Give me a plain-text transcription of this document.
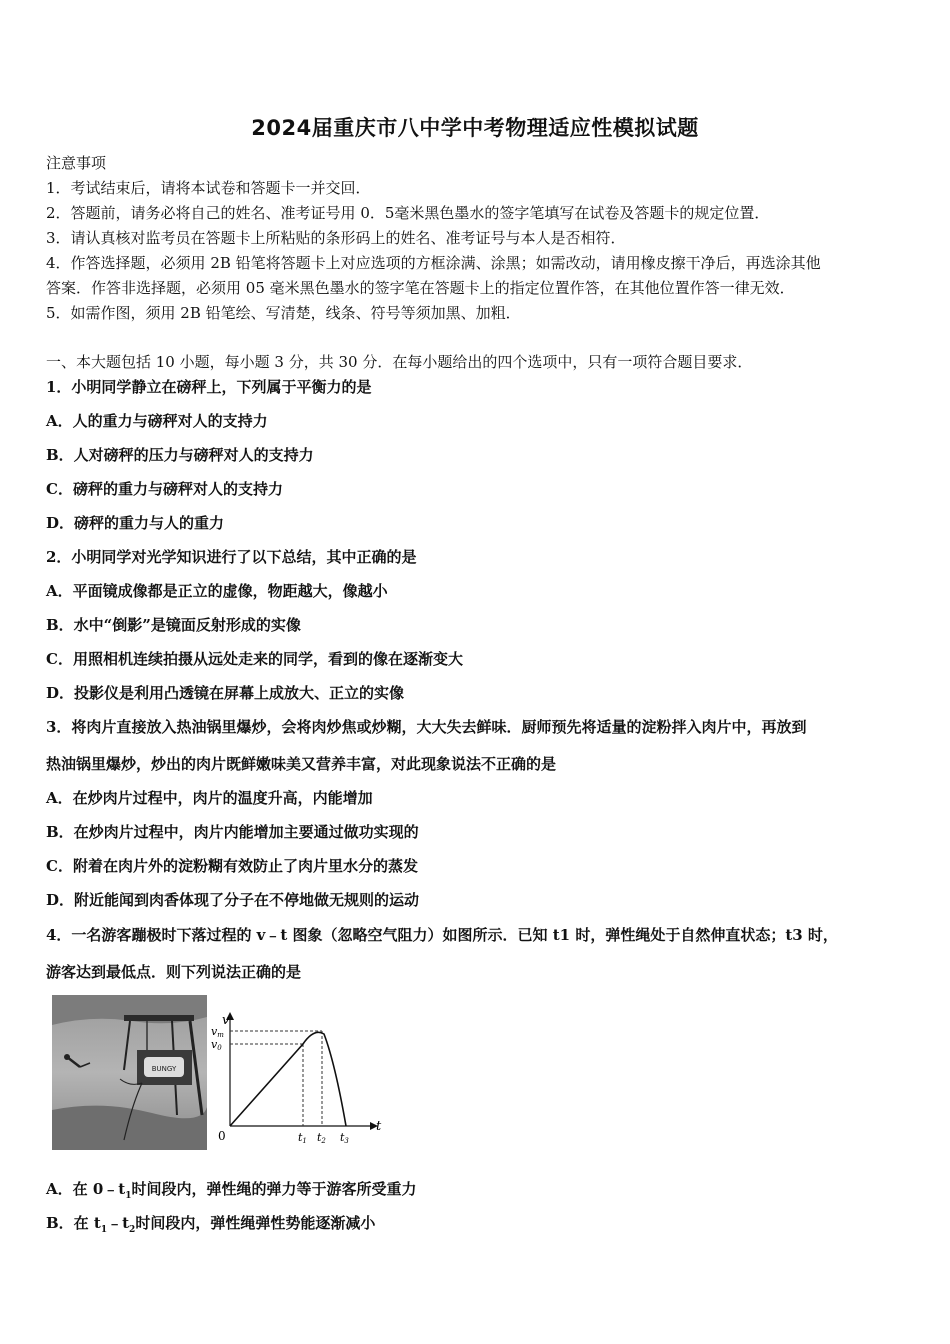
2024届重庆市八中学中考物理适应性模拟试题
注意事项
1．考试结束后，请将本试卷和答题卡一并交回．
2．答题前，请务必将自己的姓名、准考证号用 0．5毫米黑色墨水的签字笔填写在试卷及答题卡的规定位置．
3．请认真核对监考员在答题卡上所粘贴的条形码上的姓名、准考证号与本人是否相符．
4．作答选择题，必须用 2B 铅笔将答题卡上对应选项的方框涂满、涂黑；如需改动，请用橡皮擦干净后，再选涂其他
答案．作答非选择题，必须用 05 毫米黑色墨水的签字笔在答题卡上的指定位置作答，在其他位置作答一律无效．
5．如需作图，须用 2B 铅笔绘、写清楚，线条、符号等须加黑、加粗．
一、本大题包括 10 小题，每小题 3 分，共 30 分．在每小题给出的四个选项中，只有一项符合题目要求．
1．小明同学静立在磅秤上，下列属于平衡力的是
A．人的重力与磅秤对人的支持力
B．人对磅秤的压力与磅秤对人的支持力
C．磅秤的重力与磅秤对人的支持力
D．磅秤的重力与人的重力
2．小明同学对光学知识进行了以下总结，其中正确的是
A．平面镜成像都是正立的虚像，物距越大，像越小
B．水中“倒影”是镜面反射形成的实像
C．用照相机连续拍摄从远处走来的同学，看到的像在逐渐变大
D．投影仪是利用凸透镜在屏幕上成放大、正立的实像
3．将肉片直接放入热油锅里爆炒，会将肉炒焦或炒糊，大大失去鲜味．厨师预先将适量的淀粉拌入肉片中，再放到
热油锅里爆炒，炒出的肉片既鲜嫩味美又营养丰富，对此现象说法不正确的是
A．在炒肉片过程中，肉片的温度升高，内能增加
B．在炒肉片过程中，肉片内能增加主要通过做功实现的
C．附着在肉片外的淀粉糊有效防止了肉片里水分的蒸发
D．附近能闻到肉香体现了分子在不停地做无规则的运动
4．一名游客蹦极时下落过程的 v﹣t 图象（忽略空气阻力）如图所示．已知 t1 时，弹性绳处于自然伸直状态；t3 时，
游客达到最低点．则下列说法正确的是
BUNGY
v
t
0
vm
v0
t1 t2 t3
A．在 $0﹣t_1$时间段内，弹性绳的弹力等于游客所受重力
B．在 $t_1﹣t_2$时间段内，弹性绳弹性势能逐渐减小
